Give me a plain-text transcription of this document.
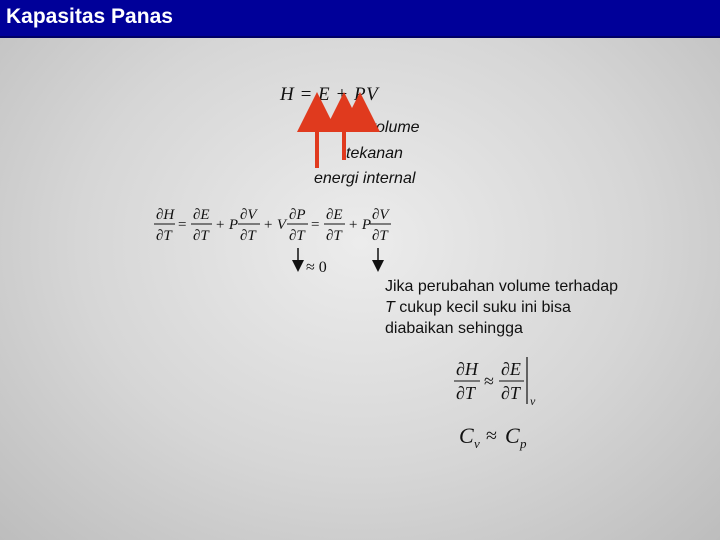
Kapasitas Panas
H = E + PV
volume
tekanan
energi internal
∂H
∂T
=
∂E
∂T
+ P
∂V
∂T
+ V
∂P
∂T
=
∂E
∂T
+ P
∂V
∂T
≈ 0
∂H
∂T
≈
∂E
∂T v
C v ≈ C p
Jika perubahan volume terhadap
T cukup kecil suku ini bisa
diabaikan sehingga
